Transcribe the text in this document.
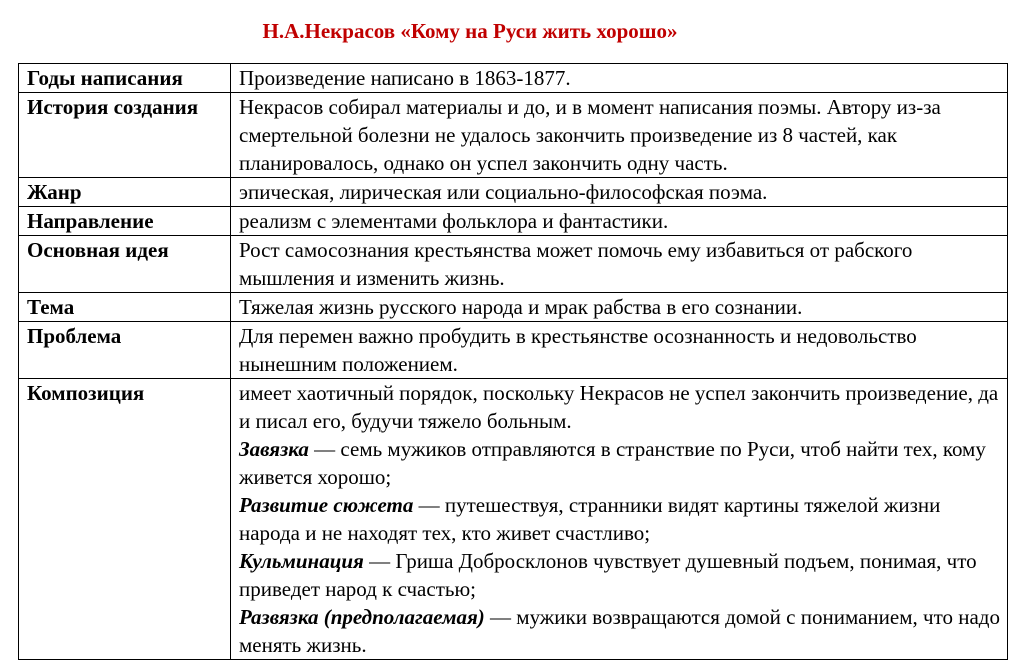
Н.А.Некрасов «Кому на Руси жить хорошо»
Годы написания	Произведение написано в 1863-1877.
История создания	Некрасов собирал материалы и до, и в момент написания поэмы. Автору из-за смертельной болезни не удалось закончить произведение из 8 частей, как планировалось, однако он успел закончить одну часть.
Жанр	эпическая, лирическая или социально-философская поэма.
Направление	реализм с элементами фольклора и фантастики.
Основная идея	Рост самосознания крестьянства может помочь ему избавиться от рабского мышления и изменить жизнь.
Тема	Тяжелая жизнь русского народа и мрак рабства в его сознании.
Проблема	Для перемен важно пробудить в крестьянстве осознанность и недовольство нынешним положением.
Композиция	имеет хаотичный порядок, поскольку Некрасов не успел закончить произведение, да и писал его, будучи тяжело больным.
Завязка — семь мужиков отправляются в странствие по Руси, чтоб найти тех, кому живется хорошо;
Развитие сюжета — путешествуя, странники видят картины тяжелой жизни народа и не находят тех, кто живет счастливо;
Кульминация — Гриша Добросклонов чувствует душевный подъем, понимая, что приведет народ к счастью;
Развязка (предполагаемая) — мужики возвращаются домой с пониманием, что надо менять жизнь.
